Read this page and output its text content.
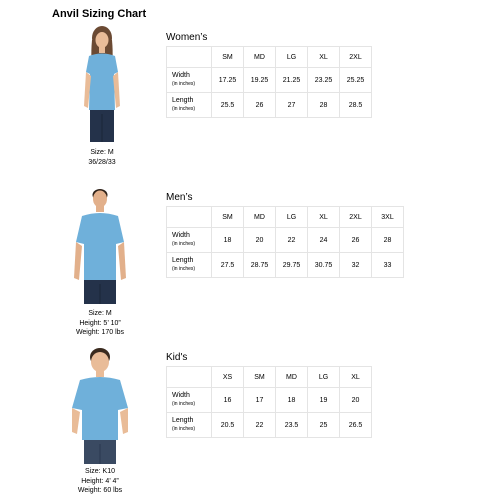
Anvil Sizing Chart
Size: M
36/28/33
Women’s
	SM	MD	LG	XL	2XL
Width
(in inches)	17.25	19.25	21.25	23.25	25.25
Length
(in inches)	25.5	26	27	28	28.5
Size: M
Height: 5’ 10”
Weight: 170 lbs
Men’s
	SM	MD	LG	XL	2XL	3XL
Width
(in inches)	18	20	22	24	26	28
Length
(in inches)	27.5	28.75	29.75	30.75	32	33
Size: K10
Height: 4’ 4”
Weight: 60 lbs
Kid's
	XS	SM	MD	LG	XL
Width
(in inches)	16	17	18	19	20
Length
(in inches)	20.5	22	23.5	25	26.5
